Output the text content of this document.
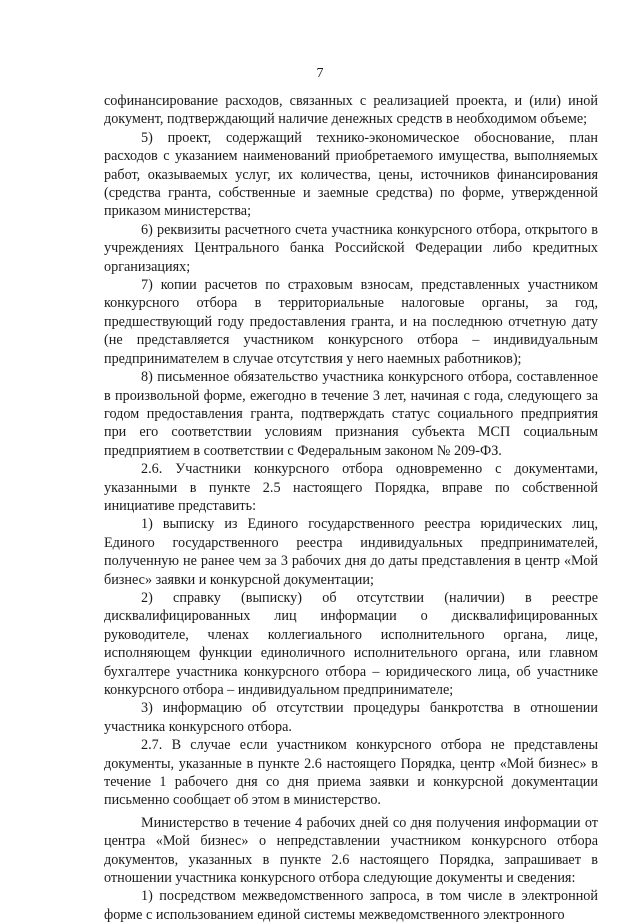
7

софинансирование расходов, связанных с реализацией проекта, и (или) иной документ, подтверждающий наличие денежных средств в необходимом объеме;

5) проект, содержащий технико-экономическое обоснование, план расходов с указанием наименований приобретаемого имущества, выполняемых работ, оказываемых услуг, их количества, цены, источников финансирования (средства гранта, собственные и заемные средства) по форме, утвержденной приказом министерства;

6) реквизиты расчетного счета участника конкурсного отбора, открытого в учреждениях Центрального банка Российской Федерации либо кредитных организациях;

7) копии расчетов по страховым взносам, представленных участником конкурсного отбора в территориальные налоговые органы, за год, предшествующий году предоставления гранта, и на последнюю отчетную дату (не представляется участником конкурсного отбора – индивидуальным предпринимателем в случае отсутствия у него наемных работников);

8) письменное обязательство участника конкурсного отбора, составленное в произвольной форме, ежегодно в течение 3 лет, начиная с года, следующего за годом предоставления гранта, подтверждать статус социального предприятия при его соответствии условиям признания субъекта МСП социальным предприятием в соответствии с Федеральным законом № 209-ФЗ.

2.6. Участники конкурсного отбора одновременно с документами, указанными в пункте 2.5 настоящего Порядка, вправе по собственной инициативе представить:

1) выписку из Единого государственного реестра юридических лиц, Единого государственного реестра индивидуальных предпринимателей, полученную не ранее чем за 3 рабочих дня до даты представления в центр «Мой бизнес» заявки и конкурсной документации;

2) справку (выписку) об отсутствии (наличии) в реестре дисквалифицированных лиц информации о дисквалифицированных руководителе, членах коллегиального исполнительного органа, лице, исполняющем функции единоличного исполнительного органа, или главном бухгалтере участника конкурсного отбора – юридического лица, об участнике конкурсного отбора – индивидуальном предпринимателе;

3) информацию об отсутствии процедуры банкротства в отношении участника конкурсного отбора.

2.7. В случае если участником конкурсного отбора не представлены документы, указанные в пункте 2.6 настоящего Порядка, центр «Мой бизнес» в течение 1 рабочего дня со дня приема заявки и конкурсной документации письменно сообщает об этом в министерство.

Министерство в течение 4 рабочих дней со дня получения информации от центра «Мой бизнес» о непредставлении участником конкурсного отбора документов, указанных в пункте 2.6 настоящего Порядка, запрашивает в отношении участника конкурсного отбора следующие документы и сведения:

1) посредством межведомственного запроса, в том числе в электронной форме с использованием единой системы межведомственного электронного
